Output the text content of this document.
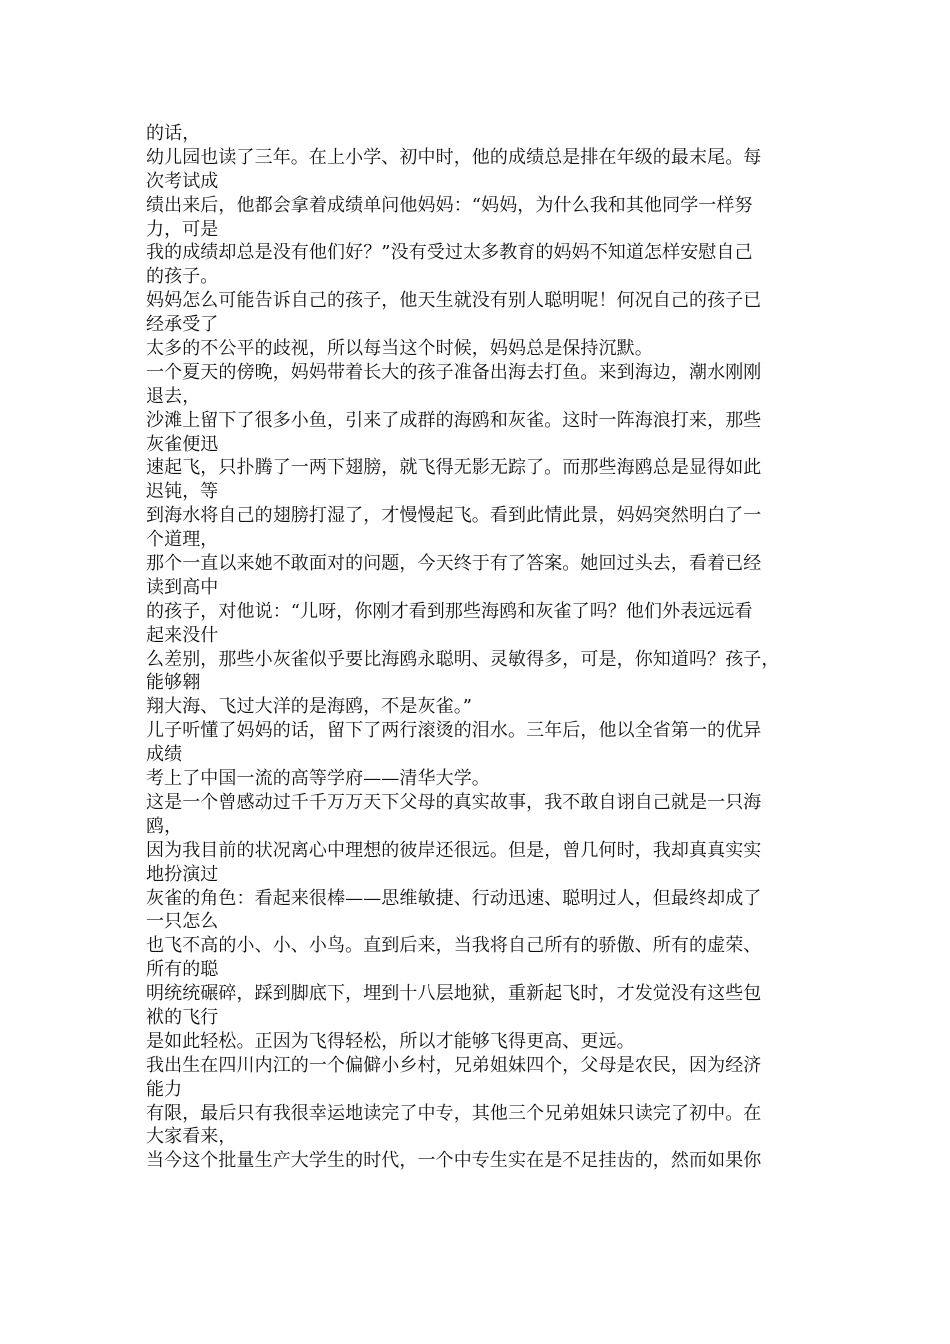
的话，
幼儿园也读了三年。在上小学、初中时，他的成绩总是排在年级的最末尾。每
次考试成
绩出来后，他都会拿着成绩单问他妈妈：“妈妈，为什么我和其他同学一样努
力，可是
我的成绩却总是没有他们好？”没有受过太多教育的妈妈不知道怎样安慰自己
的孩子。
妈妈怎么可能告诉自己的孩子，他天生就没有别人聪明呢！何况自己的孩子已
经承受了
太多的不公平的歧视，所以每当这个时候，妈妈总是保持沉默。
一个夏天的傍晚，妈妈带着长大的孩子准备出海去打鱼。来到海边，潮水刚刚
退去，
沙滩上留下了很多小鱼，引来了成群的海鸥和灰雀。这时一阵海浪打来，那些
灰雀便迅
速起飞，只扑腾了一两下翅膀，就飞得无影无踪了。而那些海鸥总是显得如此
迟钝，等
到海水将自己的翅膀打湿了，才慢慢起飞。看到此情此景，妈妈突然明白了一
个道理，
那个一直以来她不敢面对的问题，今天终于有了答案。她回过头去，看着已经
读到高中
的孩子，对他说：“儿呀，你刚才看到那些海鸥和灰雀了吗？他们外表远远看
起来没什
么差别，那些小灰雀似乎要比海鸥永聪明、灵敏得多，可是，你知道吗？孩子，
能够翱
翔大海、飞过大洋的是海鸥，不是灰雀。”
儿子听懂了妈妈的话，留下了两行滚烫的泪水。三年后，他以全省第一的优异
成绩
考上了中国一流的高等学府——清华大学。
这是一个曾感动过千千万万天下父母的真实故事，我不敢自诩自己就是一只海
鸥，
因为我目前的状况离心中理想的彼岸还很远。但是，曾几何时，我却真真实实
地扮演过
灰雀的角色：看起来很棒——思维敏捷、行动迅速、聪明过人，但最终却成了
一只怎么
也飞不高的小、小、小鸟。直到后来，当我将自己所有的骄傲、所有的虚荣、
所有的聪
明统统碾碎，踩到脚底下，埋到十八层地狱，重新起飞时，才发觉没有这些包
袱的飞行
是如此轻松。正因为飞得轻松，所以才能够飞得更高、更远。
我出生在四川内江的一个偏僻小乡村，兄弟姐妹四个，父母是农民，因为经济
能力
有限，最后只有我很幸运地读完了中专，其他三个兄弟姐妹只读完了初中。在
大家看来，
当今这个批量生产大学生的时代，一个中专生实在是不足挂齿的，然而如果你
